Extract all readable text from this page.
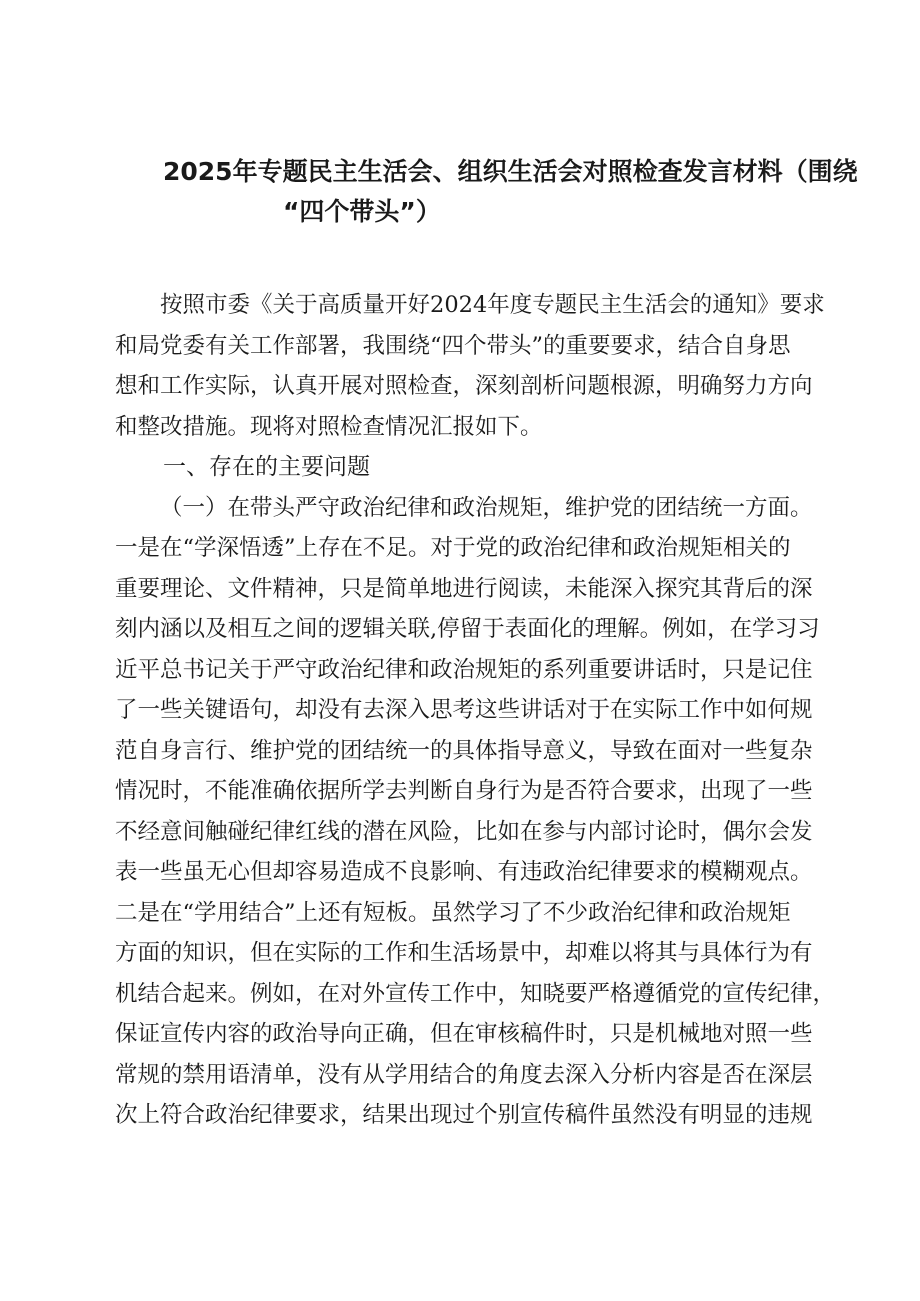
2025年专题民主生活会、组织生活会对照检查发言材料（围绕
“四个带头”）
按照市委《关于高质量开好2024年度专题民主生活会的通知》要求
和局党委有关工作部署，我围绕“四个带头”的重要要求，结合自身思
想和工作实际，认真开展对照检查，深刻剖析问题根源，明确努力方向
和整改措施。现将对照检查情况汇报如下。
一、存在的主要问题
（一）在带头严守政治纪律和政治规矩，维护党的团结统一方面。
一是在“学深悟透”上存在不足。对于党的政治纪律和政治规矩相关的
重要理论、文件精神，只是简单地进行阅读，未能深入探究其背后的深
刻内涵以及相互之间的逻辑关联,停留于表面化的理解。例如，在学习习
近平总书记关于严守政治纪律和政治规矩的系列重要讲话时，只是记住
了一些关键语句，却没有去深入思考这些讲话对于在实际工作中如何规
范自身言行、维护党的团结统一的具体指导意义，导致在面对一些复杂
情况时，不能准确依据所学去判断自身行为是否符合要求，出现了一些
不经意间触碰纪律红线的潜在风险，比如在参与内部讨论时，偶尔会发
表一些虽无心但却容易造成不良影响、有违政治纪律要求的模糊观点。
二是在“学用结合”上还有短板。虽然学习了不少政治纪律和政治规矩
方面的知识，但在实际的工作和生活场景中，却难以将其与具体行为有
机结合起来。例如，在对外宣传工作中，知晓要严格遵循党的宣传纪律，
保证宣传内容的政治导向正确，但在审核稿件时，只是机械地对照一些
常规的禁用语清单，没有从学用结合的角度去深入分析内容是否在深层
次上符合政治纪律要求，结果出现过个别宣传稿件虽然没有明显的违规
